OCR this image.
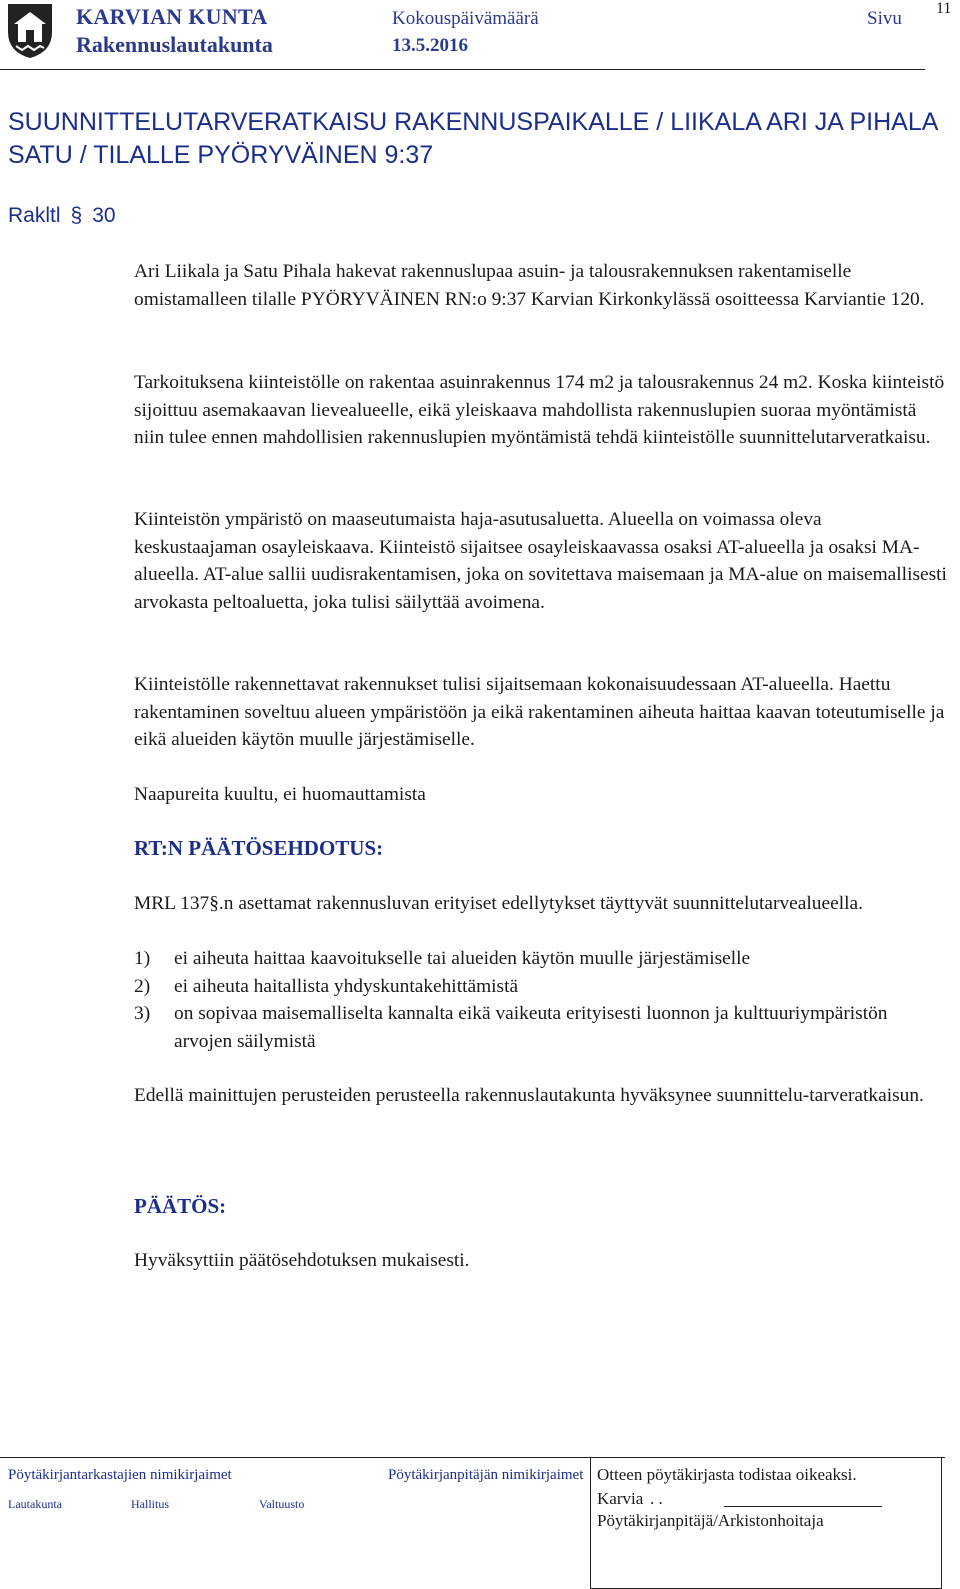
KARVIAN KUNTA
Rakennuslautakunta
Kokouspäivämäärä
13.5.2016
Sivu 11
SUUNNITTELUTARVERATKAISU RAKENNUSPAIKALLE / LIIKALA ARI JA PIHALA SATU / TILALLE PYÖRYVÄINEN 9:37
Rakltl § 30

Ari Liikala ja Satu Pihala hakevat rakennuslupaa asuin- ja talousrakennuksen rakentamiselle omistamalleen tilalle PYÖRYVÄINEN RN:o 9:37 Karvian Kirkonkylässä osoitteessa Karviantie 120.

Tarkoituksena kiinteistölle on rakentaa asuinrakennus 174 m2 ja talousrakennus 24 m2. Koska kiinteistö sijoittuu asemakaavan lievealueelle, eikä yleiskaava mahdollista rakennuslupien suoraa myöntämistä niin tulee ennen mahdollisien rakennuslupien myöntämistä tehdä kiinteistölle suunnittelutarveratkaisu.

Kiinteistön ympäristö on maaseutumaista haja-asutusaluetta. Alueella on voimassa oleva keskustaajaman osayleiskaava. Kiinteistö sijaitsee osayleiskaavassa osaksi AT-alueella ja osaksi MA-alueella. AT-alue sallii uudisrakentamisen, joka on sovitettava maisemaan ja MA-alue on maisemallisesti arvokasta peltoaluetta, joka tulisi säilyttää avoimena.

Kiinteistölle rakennettavat rakennukset tulisi sijaitsemaan kokonaisuudessaan AT-alueella. Haettu rakentaminen soveltuu alueen ympäristöön ja eikä rakentaminen aiheuta haittaa kaavan toteutumiselle ja eikä alueiden käytön muulle järjestämiselle.

Naapureita kuultu, ei huomauttamista

RT:N PÄÄTÖSEHDOTUS:
MRL 137§.n asettamat rakennusluvan erityiset edellytykset täyttyvät suunnittelutarvealueella.
1)	ei aiheuta haittaa kaavoitukselle tai alueiden käytön muulle järjestämiselle
2)	ei aiheuta haitallista yhdyskuntakehittämistä
3)	on sopivaa maisemalliselta kannalta eikä vaikeuta erityisesti luonnon ja kulttuuriympäristön arvojen säilymistä
Edellä mainittujen perusteiden perusteella rakennuslautakunta hyväksynee suunnittelu-tarveratkaisun.
PÄÄTÖS:
Hyväksyttiin päätösehdotuksen mukaisesti.
Pöytäkirjantarkastajien nimikirjaimet	Pöytäkirjanpitäjän nimikirjaimet
Lautakunta	Hallitus	Valtuusto
Otteen pöytäkirjasta todistaa oikeaksi.
Karvia . .
Pöytäkirjanpitäjä/Arkistonhoitaja
